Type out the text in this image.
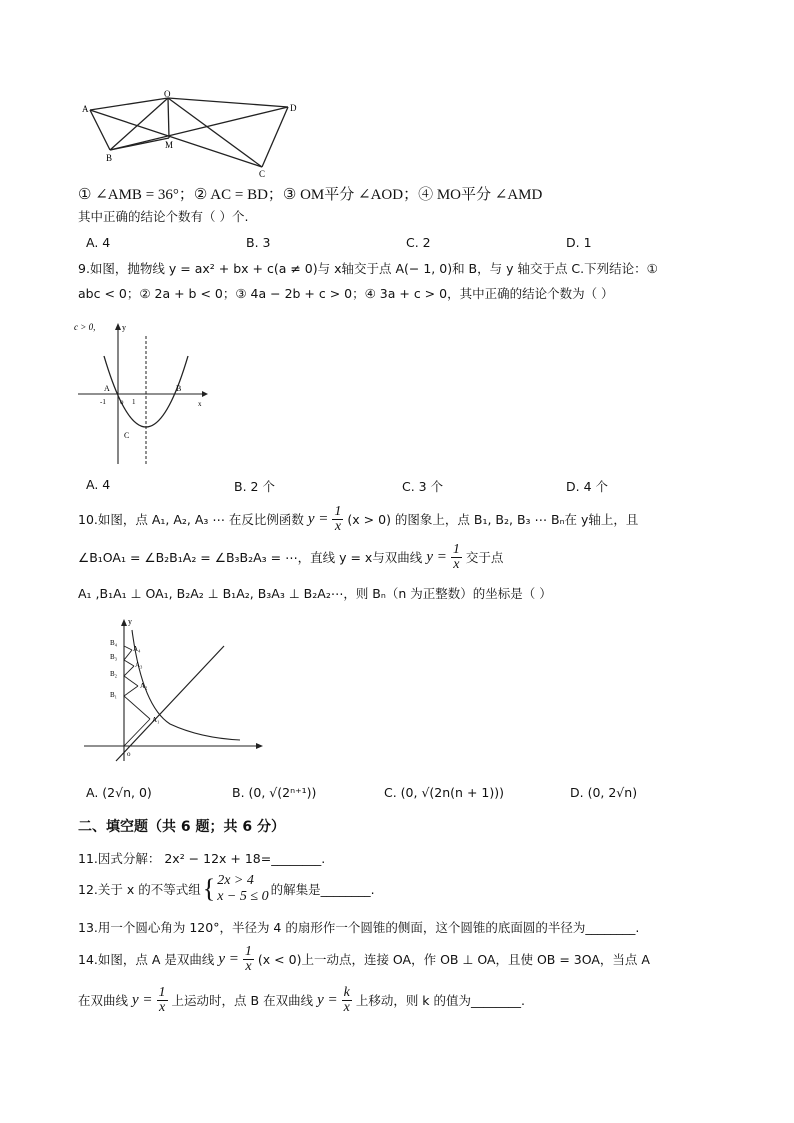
A
O
D
B
M
C
① ∠AMB = 36°；② AC = BD；③ OM平分 ∠AOD；④ MO平分 ∠AMD
其中正确的结论个数有（ ）个.
A. 4	B. 3	C. 2	D. 1
9.如图，抛物线 y = ax² + bx + c(a ≠ 0)与 x轴交于点 A(− 1, 0)和 B，与 y 轴交于点 C.下列结论：①
abc < 0；② 2a + b < 0；③ 4a − 2b + c > 0；④ 3a + c > 0，其中正确的结论个数为（ ）
c > 0,	y
A	B
C
o 1
-1	x
A. 4	B. 2 个	C. 3 个	D. 4 个
10.如图，点 A₁, A₂, A₃ ⋯ 在反比例函数 $y = \frac{1}{x} (x > 0)$ 的图象上，点 B₁, B₂, B₃ ⋯ Bₙ在 y轴上，且
∠B₁OA₁ = ∠B₂B₁A₂ = ∠B₃B₂A₃ = ⋯，直线 y = x与双曲线 $y = \frac{1}{x}$ 交于点
A₁ ,B₁A₁ ⊥ OA₁, B₂A₂ ⊥ B₁A₂, B₃A₃ ⊥ B₂A₂⋯，则 Bₙ（n 为正整数）的坐标是（ ）
y
B₄
B₃
B₂
B₁
A₄
A₃
A₂
A₁
o
A. (2√n, 0)	B. (0, √(2ⁿ⁺¹))	C. (0, √(2n(n + 1)))	D. (0, 2√n)
二、填空题（共 6 题；共 6 分）
11.因式分解： 2x² − 12x + 18=________.
12.关于 x 的不等式组 { 2x > 4
x − 5 ≤ 0 的解集是________.
13.用一个圆心角为 120°，半径为 4 的扇形作一个圆锥的侧面，这个圆锥的底面圆的半径为________.
14.如图，点 A 是双曲线 $y = \frac{1}{x} (x < 0)$上一动点，连接 OA，作 OB ⊥ OA，且使 OB = 3OA，当点 A
在双曲线 $y = \frac{1}{x}$ 上运动时，点 B 在双曲线 $y = \frac{k}{x}$ 上移动，则 k 的值为________.
